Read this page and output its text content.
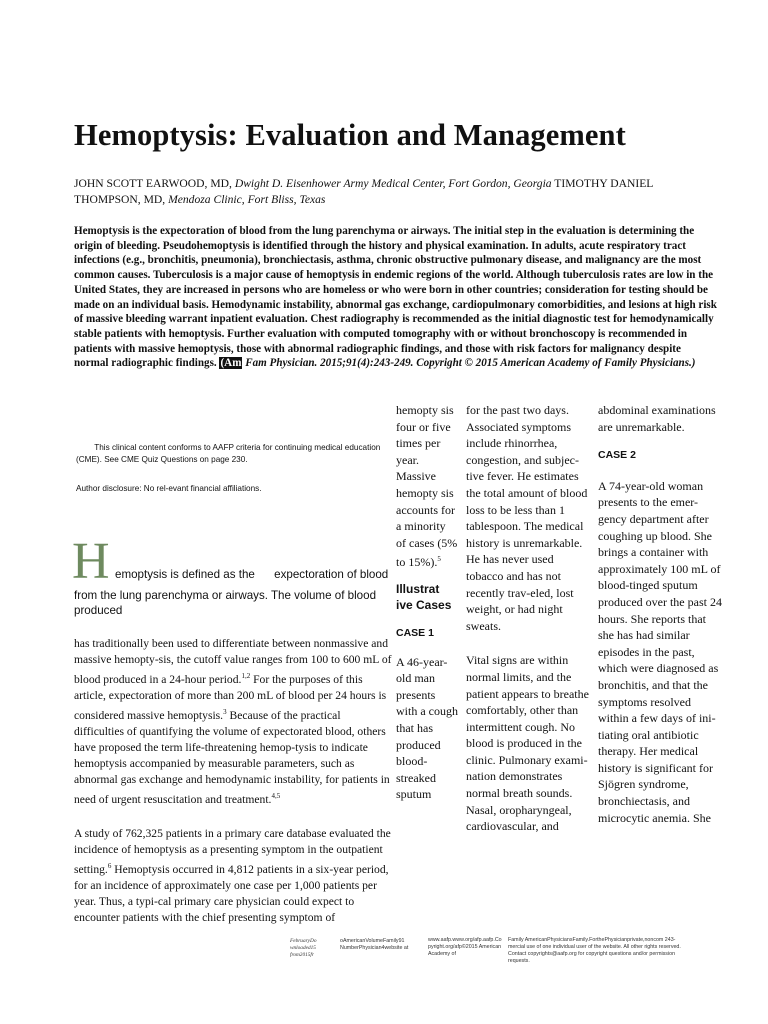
Hemoptysis: Evaluation and Management
JOHN SCOTT EARWOOD, MD, Dwight D. Eisenhower Army Medical Center, Fort Gordon, Georgia TIMOTHY DANIEL THOMPSON, MD, Mendoza Clinic, Fort Bliss, Texas
Hemoptysis is the expectoration of blood from the lung parenchyma or airways. The initial step in the evaluation is determining the origin of bleeding. Pseudohemoptysis is identified through the history and physical examination. In adults, acute respiratory tract infections (e.g., bronchitis, pneumonia), bronchiectasis, asthma, chronic obstructive pulmonary disease, and malignancy are the most common causes. Tuberculosis is a major cause of hemoptysis in endemic regions of the world. Although tuberculosis rates are low in the United States, they are increased in persons who are homeless or who were born in other countries; consideration for testing should be made on an individual basis. Hemodynamic instability, abnormal gas exchange, cardiopulmonary comorbidities, and lesions at high risk of massive bleeding warrant inpatient evaluation. Chest radiography is recommended as the initial diagnostic test for hemodynamically stable patients with hemoptysis. Further evaluation with computed tomography with or without bronchoscopy is recommended in patients with massive hemoptysis, those with abnormal radiographic findings, and those with risk factors for malignancy despite normal radiographic findings. (Am Fam Physician. 2015;91(4):243-249. Copyright © 2015 American Academy of Family Physicians.)
This clinical content conforms to AAFP criteria for continuing medical education (CME). See CME Quiz Questions on page 230.
Author disclosure: No rel-evant financial affiliations.
H emoptysis is defined as the      expectoration of blood
from the lung parenchyma or airways. The volume of blood produced
has traditionally been used to differentiate between nonmassive and massive hemopty-sis, the cutoff value ranges from 100 to 600 mL of blood produced in a 24-hour period.$^{1,2}$ For the purposes of this article, expectoration of more than 200 mL of blood per 24 hours is considered massive hemoptysis.$^3$ Because of the practical difficulties of quantifying the volume of expectorated blood, others have proposed the term life-threatening hemop-tysis to indicate hemoptysis accompanied by measurable parameters, such as abnormal gas exchange and hemodynamic instability, for patients in need of urgent resuscitation and treatment.$^{4,5}$
A study of 762,325 patients in a primary care database evaluated the incidence of hemoptysis as a presenting symptom in the outpatient setting.$^6$ Hemoptysis occurred in 4,812 patients in a six-year period, for an incidence of approximately one case per 1,000 patients per year. Thus, a typi-cal primary care physician could expect to encounter patients with the chief presenting symptom of
hemopty sis four or five times per year. Massive hemopty sis accounts for a minority of cases (5% to 15%).$^5$
Illustrat ive Cases
CASE 1
A 46-year-old man presents with a cough that has produced blood-streaked sputum
for the past two days. Associated symptoms include rhinorrhea, congestion, and subjec-tive fever. He estimates the total amount of blood loss to be less than 1 tablespoon. The medical history is unremarkable. He has never used tobacco and has not recently trav-eled, lost weight, or had night sweats.
Vital signs are within normal limits, and the patient appears to breathe comfortably, other than intermittent cough. No blood is produced in the clinic. Pulmonary exami-nation demonstrates normal breath sounds. Nasal, oropharyngeal, cardiovascular, and
abdominal examinations are unremarkable.
CASE 2
A 74-year-old woman presents to the emer-gency department after coughing up blood. She brings a container with approximately 100 mL of blood-tinged sputum produced over the past 24 hours. She reports that she has had similar episodes in the past, which were diagnosed as bronchitis, and that the symptoms resolved within a few days of ini-tiating oral antibiotic therapy. Her medical history is significant for Sjögren syndrome, bronchiectasis, and microcytic anemia. She
FebruaryDo wnloaded15 from2015fr
oAmericanVolumeFamily91 NumberPhysician4website at
www.aafp.www.org/afp.aafp.Co pyright.org/afp©2015 American Academy of
Family AmericanPhysiciansFamily.ForthePhysicianprivate,noncom 243-mercial use of one individual user of the website. All other rights reserved. Contact copyrights@aafp.org for copyright questions and/or permission requests.
